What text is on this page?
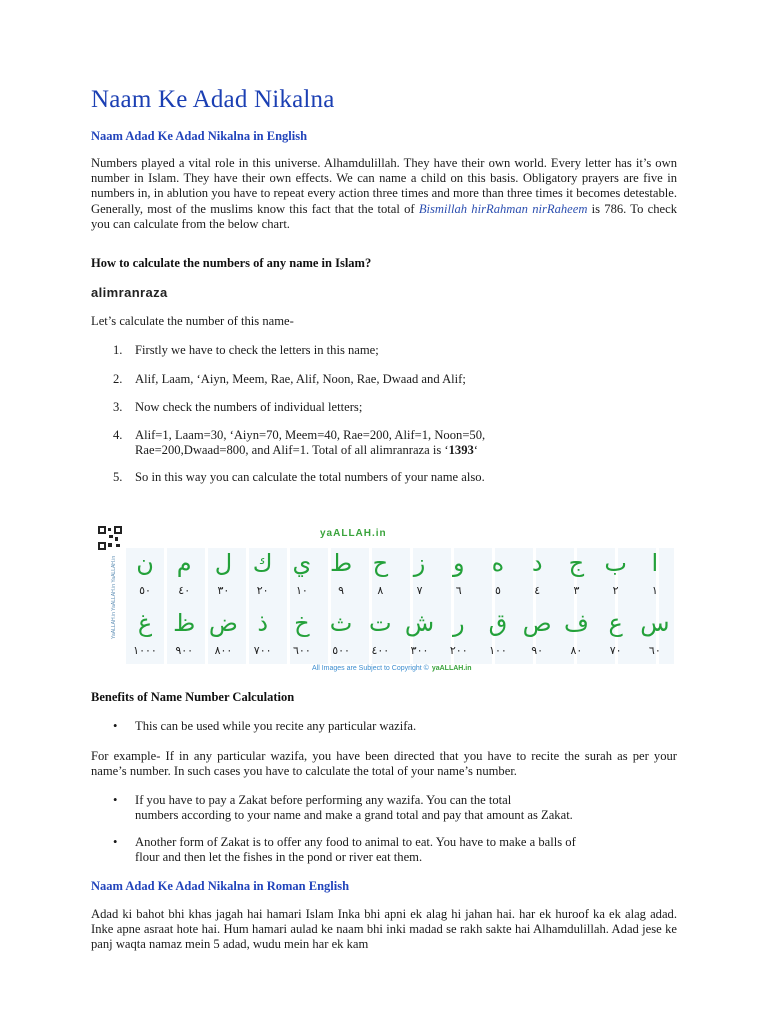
Naam Ke Adad Nikalna
Naam Adad Ke Adad Nikalna in English

Numbers played a vital role in this universe. Alhamdulillah. They have their own world. Every letter has it’s own number in Islam. They have their own effects. We can name a child on this basis. Obligatory prayers are five in numbers in, in ablution you have to repeat every action three times and more than three times it becomes detestable. Generally, most of the muslims know this fact that the total of Bismillah hirRahman nirRaheem is 786. To check you can calculate from the below chart.

How to calculate the numbers of any name in Islam?
alimranraza

Let’s calculate the number of this name-

1. Firstly we have to check the letters in this name;
2. Alif, Laam, ‘Aiyn, Meem, Rae, Alif, Noon, Rae, Dwaad and Alif;
3. Now check the numbers of individual letters;
4. Alif=1, Laam=30, ‘Aiyn=70, Meem=40, Rae=200, Alif=1, Noon=50,
Rae=200,Dwaad=800, and Alif=1. Total of all alimranraza is ‘1393‘
5. So in this way you can calculate the total numbers of your name also.
YaALLAH.in YaALLAH.in YaALLAH.in
yaALLAH.in
ا
ب
ج
د
ه
و
ز
ح
ط
ي
ك
ل
م
ن
١
٢
٣
٤
٥
٦
٧
٨
٩
١٠
٢٠
٣٠
٤٠
٥٠
س
ع
ف
ص
ق
ر
ش
ت
ث
خ
ذ
ض
ظ
غ
٦٠
٧٠
٨٠
٩٠
١٠٠
٢٠٠
٣٠٠
٤٠٠
٥٠٠
٦٠٠
٧٠٠
٨٠٠
٩٠٠
١٠٠٠
All Images are Subject to Copyright © yaALLAH.in
Benefits of Name Number Calculation
• This can be used while you recite any particular wazifa.

For example- If in any particular wazifa, you have been directed that you have to recite the surah as per your name’s number. In such cases you have to calculate the total of your name’s number.

• If you have to pay a Zakat before performing any wazifa. You can the total
numbers according to your name and make a grand total and pay that amount as Zakat.
• Another form of Zakat is to offer any food to animal to eat. You have to make a balls of
flour and then let the fishes in the pond or river eat them.
Naam Adad Ke Adad Nikalna in Roman English

Adad ki bahot bhi khas jagah hai hamari Islam Inka bhi apni ek alag hi jahan hai. har ek huroof ka ek alag adad. Inke apne asraat hote hai. Hum hamari aulad ke naam bhi inki madad se rakh sakte hai Alhamdulillah. Adad jese ke panj waqta namaz mein 5 adad, wudu mein har ek kam
